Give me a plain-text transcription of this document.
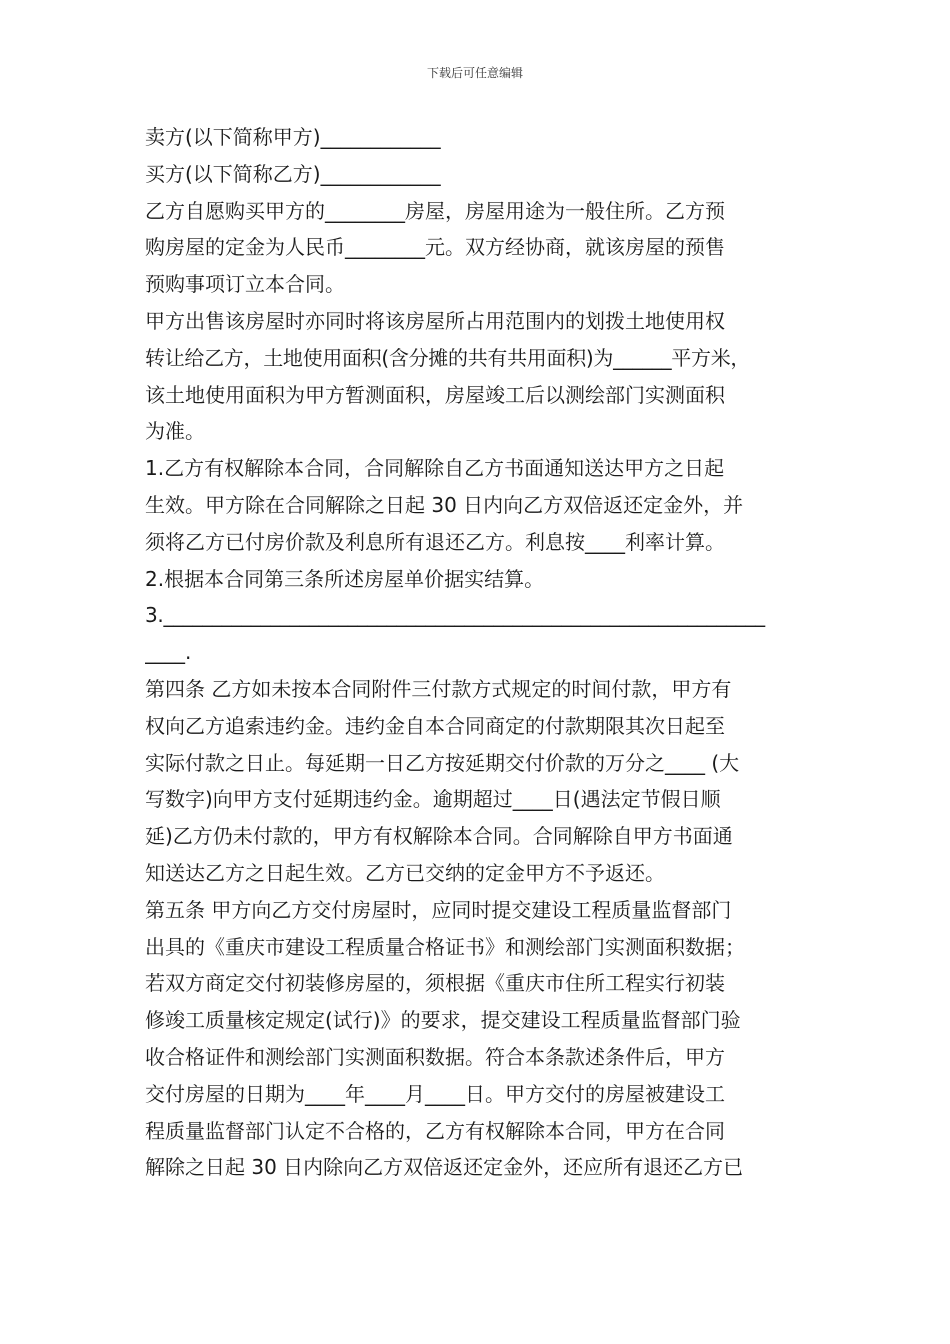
下载后可任意编辑
卖方(以下简称甲方)____________
买方(以下简称乙方)____________
乙方自愿购买甲方的________房屋，房屋用途为一般住所。乙方预
购房屋的定金为人民币________元。双方经协商，就该房屋的预售
预购事项订立本合同。
甲方出售该房屋时亦同时将该房屋所占用范围内的划拨土地使用权
转让给乙方，土地使用面积(含分摊的共有共用面积)为______平方米，
该土地使用面积为甲方暂测面积，房屋竣工后以测绘部门实测面积
为准。
1.乙方有权解除本合同，合同解除自乙方书面通知送达甲方之日起
生效。甲方除在合同解除之日起 30 日内向乙方双倍返还定金外，并
须将乙方已付房价款及利息所有退还乙方。利息按____利率计算。
2.根据本合同第三条所述房屋单价据实结算。
3.______________________________________________________________
____.
第四条 乙方如未按本合同附件三付款方式规定的时间付款，甲方有
权向乙方追索违约金。违约金自本合同商定的付款期限其次日起至
实际付款之日止。每延期一日乙方按延期交付价款的万分之____ (大
写数字)向甲方支付延期违约金。逾期超过____日(遇法定节假日顺
延)乙方仍未付款的，甲方有权解除本合同。合同解除自甲方书面通
知送达乙方之日起生效。乙方已交纳的定金甲方不予返还。
第五条 甲方向乙方交付房屋时，应同时提交建设工程质量监督部门
出具的《重庆市建设工程质量合格证书》和测绘部门实测面积数据；
若双方商定交付初装修房屋的，须根据《重庆市住所工程实行初装
修竣工质量核定规定(试行)》的要求，提交建设工程质量监督部门验
收合格证件和测绘部门实测面积数据。符合本条款述条件后，甲方
交付房屋的日期为____年____月____日。甲方交付的房屋被建设工
程质量监督部门认定不合格的，乙方有权解除本合同，甲方在合同
解除之日起 30 日内除向乙方双倍返还定金外，还应所有退还乙方已
